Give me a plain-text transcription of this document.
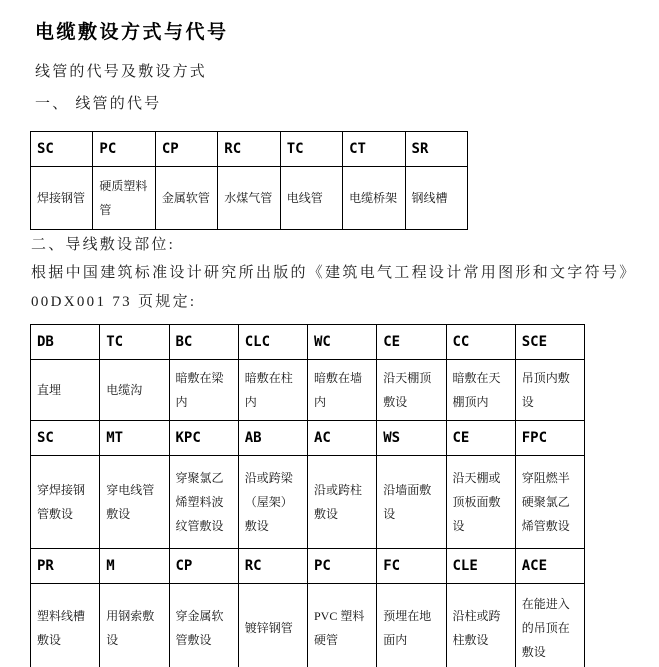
电缆敷设方式与代号
线管的代号及敷设方式
一、 线管的代号
SC	PC	CP	RC	TC	CT	SR
焊接钢管	硬质塑料管	金属软管	水煤气管	电线管	电缆桥架	钢线槽
二、导线敷设部位:
根据中国建筑标准设计研究所出版的《建筑电气工程设计常用图形和文字符号》
00DX001 73 页规定:
DB	TC	BC	CLC	WC	CE	CC	SCE
直埋	电缆沟	暗敷在梁内	暗敷在柱内	暗敷在墙内	沿天棚顶敷设	暗敷在天棚顶内	吊顶内敷设
SC	MT	KPC	AB	AC	WS	CE	FPC
穿焊接钢管敷设	穿电线管敷设	穿聚氯乙烯塑料波纹管敷设	沿或跨梁（屋架）敷设	沿或跨柱敷设	沿墙面敷设	沿天棚或顶板面敷设	穿阻燃半硬聚氯乙烯管敷设
PR	M	CP	RC	PC	FC	CLE	ACE
塑料线槽敷设	用钢索敷设	穿金属软管敷设	镀锌钢管	PVC 塑料硬管	预埋在地面内	沿柱或跨柱敷设	在能进入的吊顶在敷设
